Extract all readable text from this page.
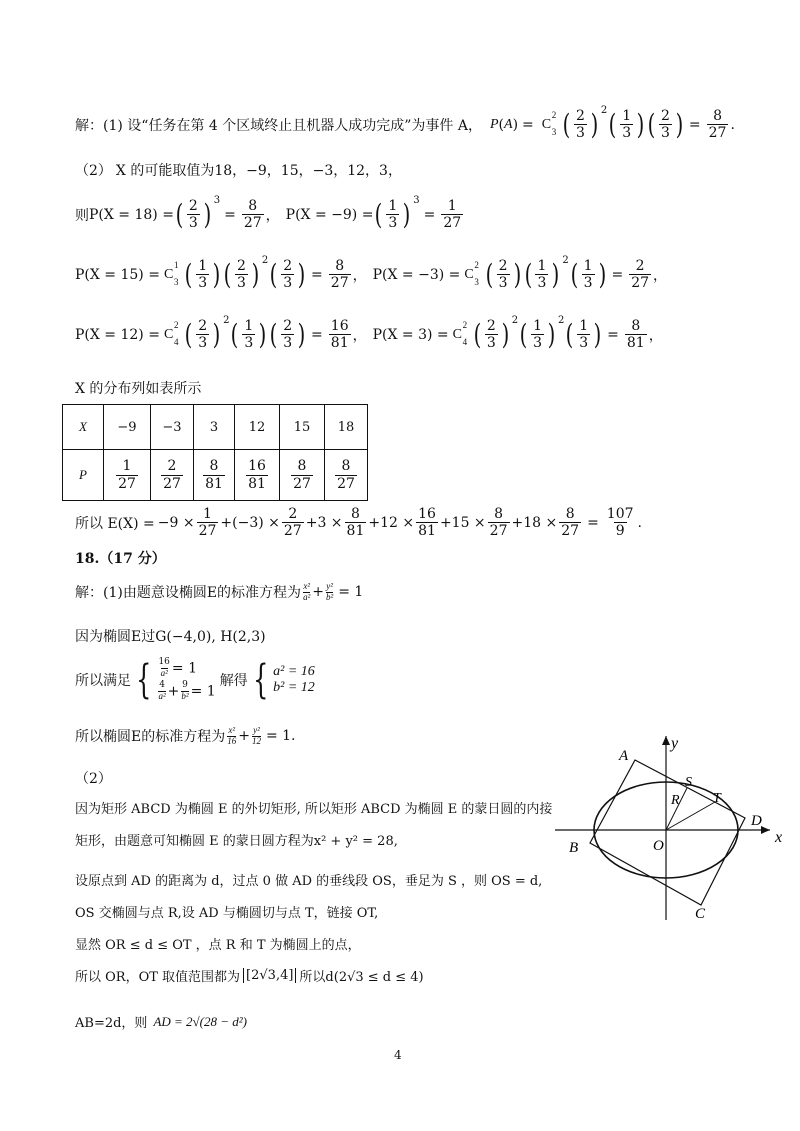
解：(1) 设“任务在第 4 个区域终止且机器人成功完成”为事件 A， P ( A ) = C
2
3 ( $\frac{2}{3}$ ) 2 ( $\frac{1}{3}$ ) ( $\frac{2}{3}$ ) = $\frac{8}{27}$ .
（2） X 的可能取值为18，−9，15，−3，12，3，
则 P(X = 18) = ( $\frac{2}{3}$ ) 3
= $\frac{8}{27}$ ， P(X = −9) = ( $\frac{1}{3}$ ) 3
= $\frac{1}{27}$
P(X = 15) = C
1
3 ( $\frac{1}{3}$ ) ( $\frac{2}{3}$ ) 2 ( $\frac{2}{3}$ ) = $\frac{8}{27}$ ， P(X = −3) = C
2
3 ( $\frac{2}{3}$ ) ( $\frac{1}{3}$ ) 2 ( $\frac{1}{3}$ ) = $\frac{2}{27}$ ，
P(X = 12) = C
2
4 ( $\frac{2}{3}$ ) 2 ( $\frac{1}{3}$ ) ( $\frac{2}{3}$ ) = $\frac{16}{81}$ ， P(X = 3) = C
2
4 ( $\frac{2}{3}$ ) 2 ( $\frac{1}{3}$ ) 2 ( $\frac{1}{3}$ ) = $\frac{8}{81}$ ，
X 的分布列如表所示
X	−9	−3	3	12	15	18
P	$\frac{1}{27}$	$\frac{2}{27}$	$\frac{8}{81}$	$\frac{16}{81}$	$\frac{8}{27}$	$\frac{8}{27}$
所以 $E(X) = -9 \times \frac{1}{27} +(-3) \times \frac{2}{27} +3 \times \frac{8}{81} +12 \times \frac{16}{81} +15 \times \frac{8}{27} +18 \times \frac{8}{27} = \frac{107}{9}$ .
18.（17 分）
解：(1)由题意设椭圆E的标准方程为 $\frac{\text{x²}}{\text{a²}} + \frac{\text{y²}}{\text{b²}} = 1$
因为椭圆E过G(−4,0), H(2,3)
所以满足 { $\frac{16}{\text{a²}} = 1$
$\frac{4}{\text{a²}} + \frac{9}{\text{b²}} = 1$
解得 { a² = 16
b² = 12
所以椭圆E的标准方程为 $\frac{\text{x²}}{16} + \frac{\text{y²}}{12} = 1$.
（2）
因为矩形 ABCD 为椭圆 E 的外切矩形, 所以矩形 ABCD 为椭圆 E 的蒙日圆的内接
矩形，由题意可知椭圆 E 的蒙日圆方程为x² + y² = 28,
设原点到 AD 的距离为 d，过点 0 做 AD 的垂线段 OS，垂足为 S ，则 OS = d,
OS 交椭圆与点 R,设 AD 与椭圆切与点 T，链接 OT,
显然 OR ≤ d ≤ OT ，点 R 和 T 为椭圆上的点，
所以 OR，OT 取值范围都为 [2√3,4] 所以d(2√3 ≤ d ≤ 4)
AB=2d，则 AD = 2√(28 − d²)
A
B
C
D
S
R T
O	x
y
4
